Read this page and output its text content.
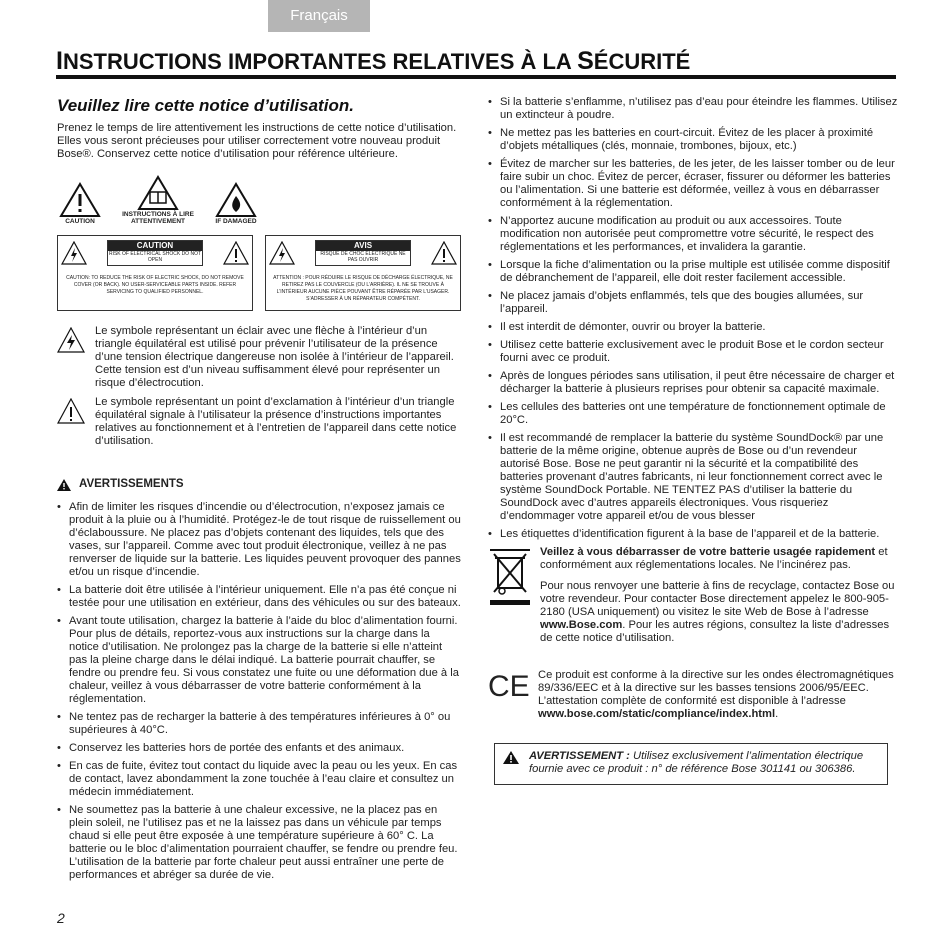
Français
INSTRUCTIONS IMPORTANTES RELATIVES À LA SÉCURITÉ
Veuillez lire cette notice d’utilisation.

Prenez le temps de lire attentivement les instructions de cette notice d’utilisation. Elles vous seront précieuses pour utiliser correctement votre nouveau produit Bose®. Conservez cette notice d’utilisation pour référence ultérieure.

CAUTION
INSTRUCTIONS À LIRE ATTENTIVEMENT	IF DAMAGED
CAUTION
RISK OF ELECTRICAL SHOCK DO NOT OPEN
CAUTION: TO REDUCE THE RISK OF ELECTRIC SHOCK, DO NOT REMOVE COVER (OR BACK). NO USER-SERVICEABLE PARTS INSIDE. REFER SERVICING TO QUALIFIED PERSONNEL.
AVIS
RISQUE DE CHOC ÉLECTRIQUE NE PAS OUVRIR
ATTENTION : POUR RÉDUIRE LE RISQUE DE DÉCHARGE ÉLECTRIQUE, NE RETIREZ PAS LE COUVERCLE (OU L’ARRIÈRE). IL NE SE TROUVE À L’INTÉRIEUR AUCUNE PIÈCE POUVANT ÊTRE RÉPARÉE PAR L’USAGER. S’ADRESSER À UN RÉPARATEUR COMPÉTENT.

Le symbole représentant un éclair avec une flèche à l’intérieur d’un triangle équilatéral est utilisé pour prévenir l’utilisateur de la présence d’une tension électrique dangereuse non isolée à l’intérieur de l’appareil. Cette tension est d’un niveau suffisamment élevé pour représenter un risque d’électrocution.

Le symbole représentant un point d’exclamation à l’intérieur d’un triangle équilatéral signale à l’utilisateur la présence d’instructions importantes relatives au fonctionnement et à l’entretien de l’appareil dans cette notice d’utilisation.

AVERTISSEMENTS
• Afin de limiter les risques d’incendie ou d’électrocution, n’exposez jamais ce produit à la pluie ou à l’humidité. Protégez-le de tout risque de ruissellement ou d’éclaboussure. Ne placez pas d’objets contenant des liquides, tels que des vases, sur l’appareil. Comme avec tout produit électronique, veillez à ne pas renverser de liquide sur la batterie. Les liquides peuvent provoquer des pannes et/ou un risque d’incendie.
• La batterie doit être utilisée à l’intérieur uniquement. Elle n’a pas été conçue ni testée pour une utilisation en extérieur, dans des véhicules ou sur des bateaux.
• Avant toute utilisation, chargez la batterie à l’aide du bloc d’alimentation fourni. Pour plus de détails, reportez-vous aux instructions sur la charge dans la notice d’utilisation. Ne prolongez pas la charge de la batterie si elle n’atteint pas la pleine charge dans le délai indiqué. La batterie pourrait chauffer, se fendre ou prendre feu. Si vous constatez une fuite ou une déformation due à la chaleur, veillez à vous débarrasser de votre batterie conformément à la réglementation.
• Ne tentez pas de recharger la batterie à des températures inférieures à 0° ou supérieures à 40°C.
• Conservez les batteries hors de portée des enfants et des animaux.
• En cas de fuite, évitez tout contact du liquide avec la peau ou les yeux. En cas de contact, lavez abondamment la zone touchée à l’eau claire et consultez un médecin immédiatement.
• Ne soumettez pas la batterie à une chaleur excessive, ne la placez pas en plein soleil, ne l’utilisez pas et ne la laissez pas dans un véhicule par temps chaud si elle peut être exposée à une température supérieure à 60° C. La batterie ou le bloc d’alimentation pourraient chauffer, se fendre ou prendre feu. L’utilisation de la batterie par forte chaleur peut aussi entraîner une perte de performances et abréger sa durée de vie.
• Si la batterie s’enflamme, n’utilisez pas d’eau pour éteindre les flammes. Utilisez un extincteur à poudre.
• Ne mettez pas les batteries en court-circuit. Évitez de les placer à proximité d’objets métalliques (clés, monnaie, trombones, bijoux, etc.)
• Évitez de marcher sur les batteries, de les jeter, de les laisser tomber ou de leur faire subir un choc. Évitez de percer, écraser, fissurer ou déformer les batteries ou l’alimentation. Si une batterie est déformée, veillez à vous en débarrasser conformément à la réglementation.
• N’apportez aucune modification au produit ou aux accessoires. Toute modification non autorisée peut compromettre votre sécurité, le respect des réglementations et les performances, et invalidera la garantie.
• Lorsque la fiche d’alimentation ou la prise multiple est utilisée comme dispositif de débranchement de l’appareil, elle doit rester facilement accessible.
• Ne placez jamais d’objets enflammés, tels que des bougies allumées, sur l’appareil.
• Il est interdit de démonter, ouvrir ou broyer la batterie.
• Utilisez cette batterie exclusivement avec le produit Bose et le cordon secteur fourni avec ce produit.
• Après de longues périodes sans utilisation, il peut être nécessaire de charger et décharger la batterie à plusieurs reprises pour obtenir sa capacité maximale.
• Les cellules des batteries ont une température de fonctionnement optimale de 20°C.
• Il est recommandé de remplacer la batterie du système SoundDock® par une batterie de la même origine, obtenue auprès de Bose ou d’un revendeur autorisé Bose. Bose ne peut garantir ni la sécurité et la compatibilité des batteries provenant d’autres fabricants, ni leur fonctionnement correct avec le système SoundDock Portable. NE TENTEZ PAS d’utiliser la batterie du SoundDock avec d’autres appareils électroniques. Vous risqueriez d’endommager votre appareil et/ou de vous blesser
• Les étiquettes d’identification figurent à la base de l’appareil et de la batterie.

Veillez à vous débarrasser de votre batterie usagée rapidement et conformément aux réglementations locales. Ne l’incinérez pas.

Pour nous renvoyer une batterie à fins de recyclage, contactez Bose ou votre revendeur. Pour contacter Bose directement appelez le 800-905-2180 (USA uniquement) ou visitez le site Web de Bose à l’adresse www.Bose.com. Pour les autres régions, consultez la liste d’adresses de cette notice d’utilisation.

CE Ce produit est conforme à la directive sur les ondes électromagnétiques 89/336/EEC et à la directive sur les basses tensions 2006/95/EEC. L’attestation complète de conformité est disponible à l’adresse
www.bose.com/static/compliance/index.html.

AVERTISSEMENT : Utilisez exclusivement l’alimentation électrique fournie avec ce produit : n° de référence Bose 301141 ou 306386.

2
